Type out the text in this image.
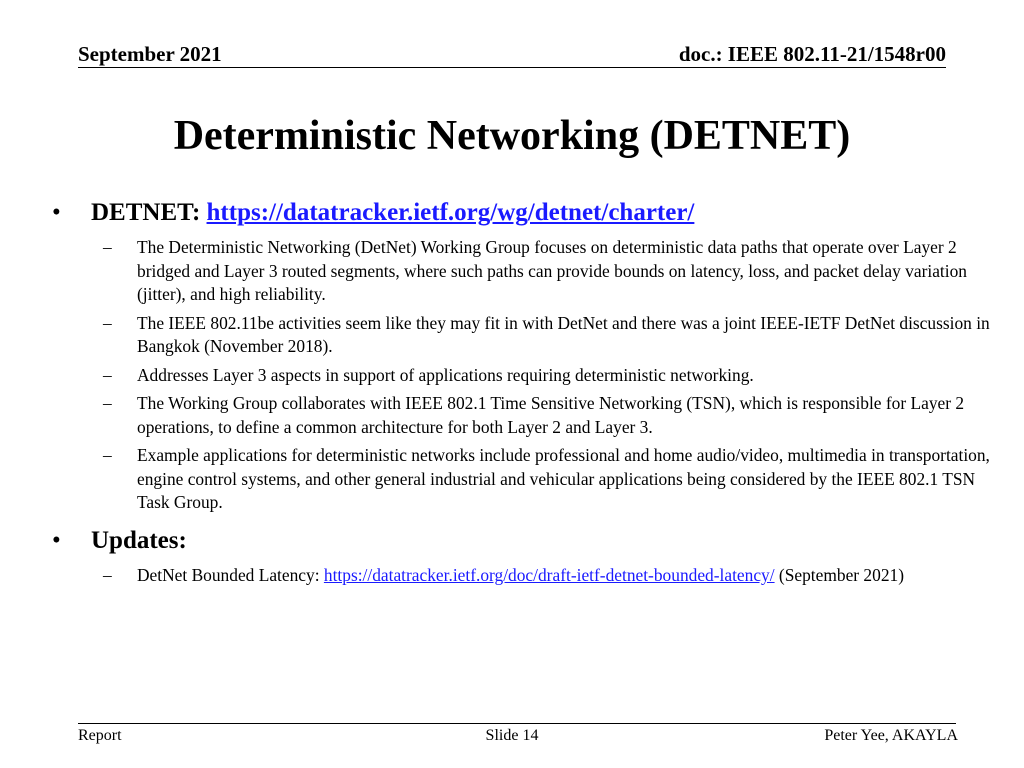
September 2021	doc.: IEEE 802.11-21/1548r00
Deterministic Networking (DETNET)
• DETNET: https://datatracker.ietf.org/wg/detnet/charter/
– The Deterministic Networking (DetNet) Working Group focuses on deterministic data paths that operate over Layer 2 bridged and Layer 3 routed segments, where such paths can provide bounds on latency, loss, and packet delay variation (jitter), and high reliability.
– The IEEE 802.11be activities seem like they may fit in with DetNet and there was a joint IEEE-IETF DetNet discussion in Bangkok (November 2018).
– Addresses Layer 3 aspects in support of applications requiring deterministic networking.
– The Working Group collaborates with IEEE 802.1 Time Sensitive Networking (TSN), which is responsible for Layer 2 operations, to define a common architecture for both Layer 2 and Layer 3.
– Example applications for deterministic networks include professional and home audio/video, multimedia in transportation, engine control systems, and other general industrial and vehicular applications being considered by the IEEE 802.1 TSN Task Group.
• Updates:
– DetNet Bounded Latency: https://datatracker.ietf.org/doc/draft-ietf-detnet-bounded-latency/ (September 2021)
Report	Slide 14	Peter Yee, AKAYLA
